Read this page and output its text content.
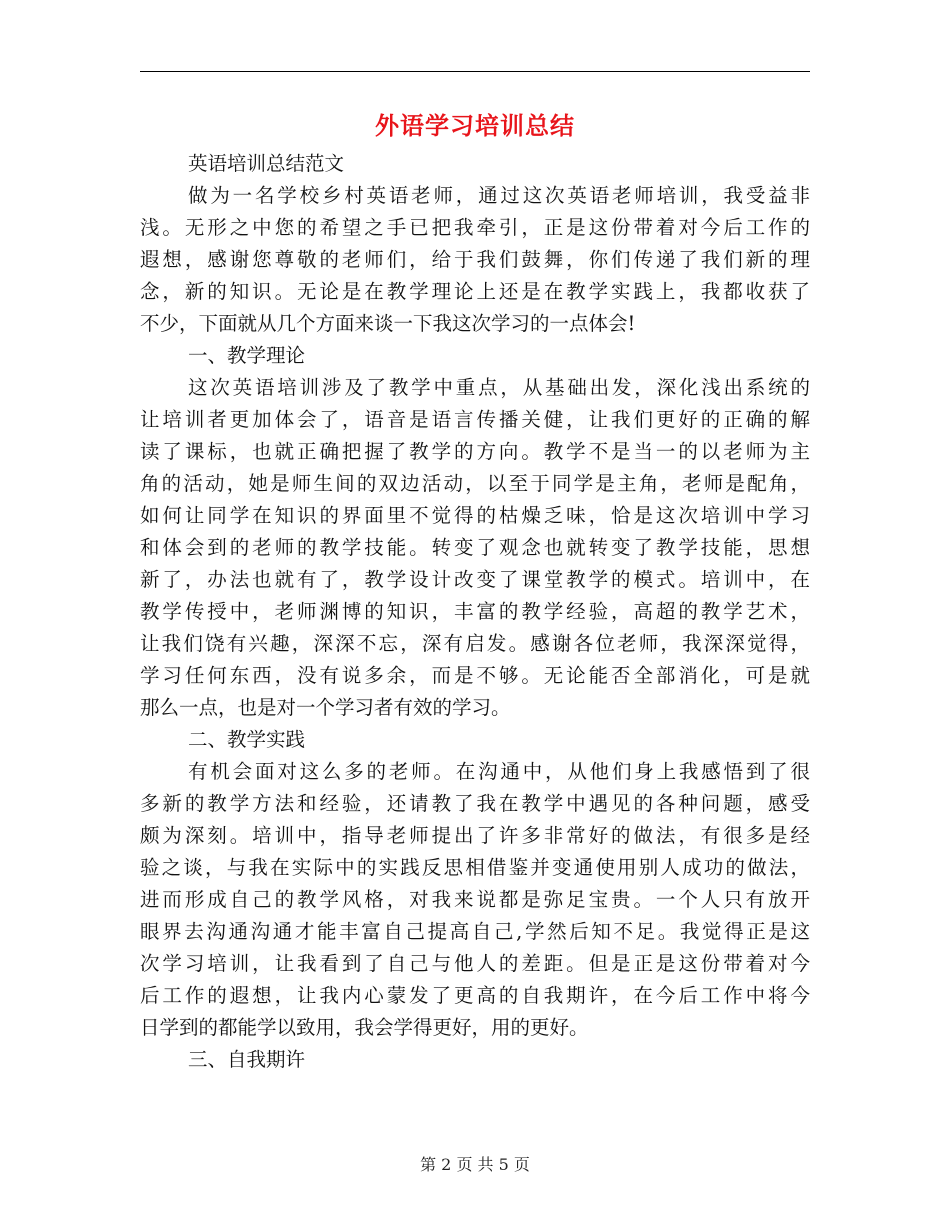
外语学习培训总结
英语培训总结范文
做为一名学校乡村英语老师，通过这次英语老师培训，我受益非
浅。无形之中您的希望之手已把我牵引，正是这份带着对今后工作的
遐想，感谢您尊敬的老师们，给于我们鼓舞，你们传递了我们新的理
念，新的知识。无论是在教学理论上还是在教学实践上，我都收获了
不少，下面就从几个方面来谈一下我这次学习的一点体会!
一、教学理论
这次英语培训涉及了教学中重点，从基础出发，深化浅出系统的
让培训者更加体会了，语音是语言传播关健，让我们更好的正确的解
读了课标，也就正确把握了教学的方向。教学不是当一的以老师为主
角的活动，她是师生间的双边活动，以至于同学是主角，老师是配角，
如何让同学在知识的界面里不觉得的枯燥乏味，恰是这次培训中学习
和体会到的老师的教学技能。转变了观念也就转变了教学技能，思想
新了，办法也就有了，教学设计改变了课堂教学的模式。培训中，在
教学传授中，老师渊博的知识，丰富的教学经验，高超的教学艺术，
让我们饶有兴趣，深深不忘，深有启发。感谢各位老师，我深深觉得，
学习任何东西，没有说多余，而是不够。无论能否全部消化，可是就
那么一点，也是对一个学习者有效的学习。
二、教学实践
有机会面对这么多的老师。在沟通中，从他们身上我感悟到了很
多新的教学方法和经验，还请教了我在教学中遇见的各种问题，感受
颇为深刻。培训中，指导老师提出了许多非常好的做法，有很多是经
验之谈，与我在实际中的实践反思相借鉴并变通使用别人成功的做法，
进而形成自己的教学风格，对我来说都是弥足宝贵。一个人只有放开
眼界去沟通沟通才能丰富自己提高自己,学然后知不足。我觉得正是这
次学习培训，让我看到了自己与他人的差距。但是正是这份带着对今
后工作的遐想，让我内心蒙发了更高的自我期许，在今后工作中将今
日学到的都能学以致用，我会学得更好，用的更好。
三、自我期许
第 2 页 共 5 页
